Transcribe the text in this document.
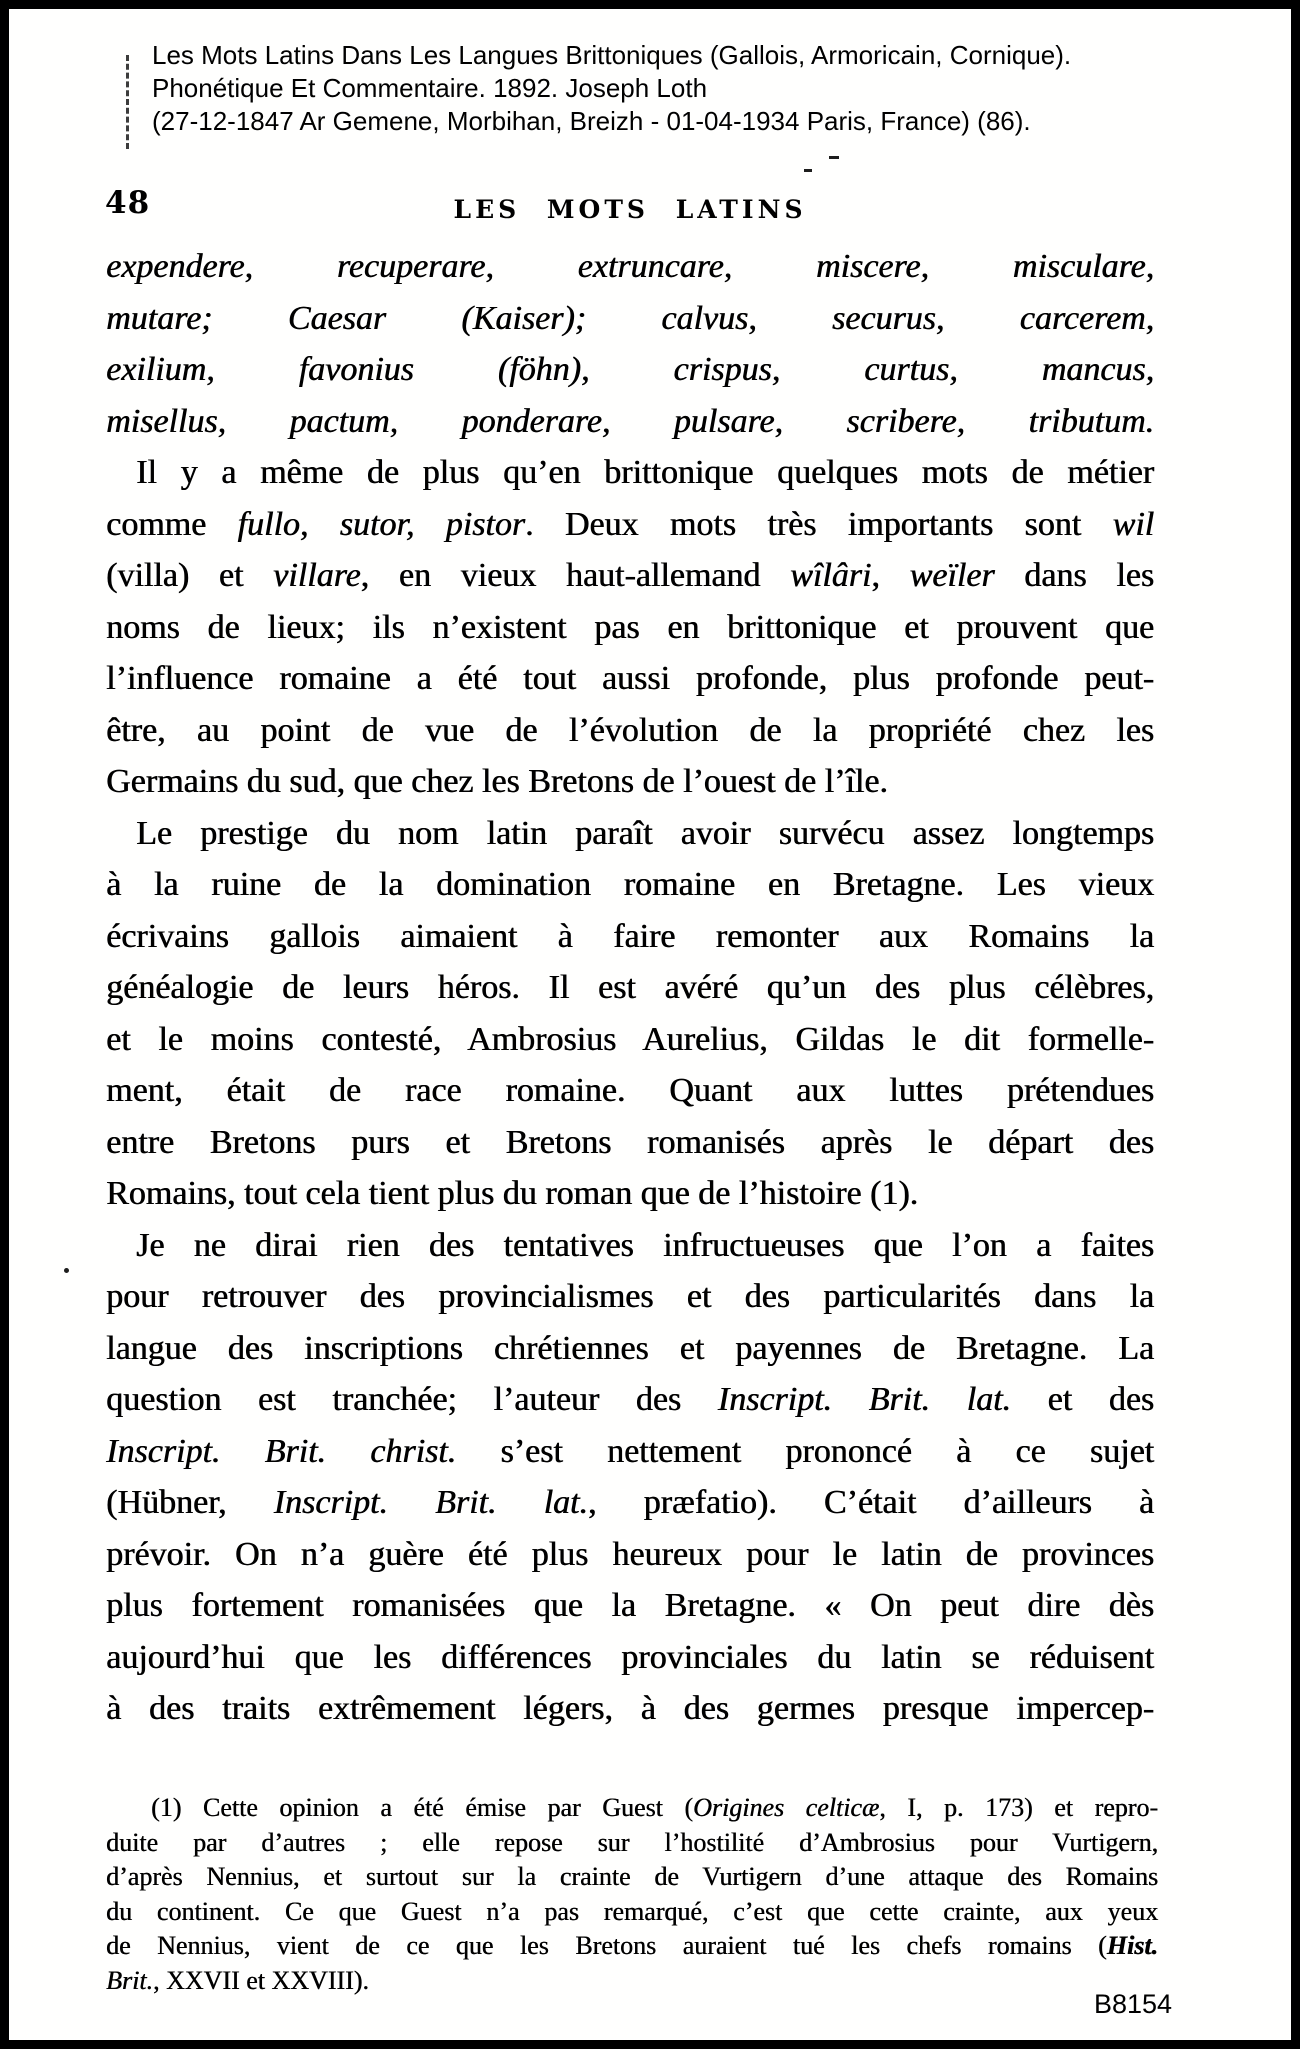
Les Mots Latins Dans Les Langues Brittoniques (Gallois, Armoricain, Cornique).
Phonétique Et Commentaire. 1892. Joseph Loth
(27-12-1847 Ar Gemene, Morbihan, Breizh - 01-04-1934 Paris, France) (86).
48	LES MOTS LATINS
expendere, recuperare, extruncare, miscere, misculare,
mutare; Caesar (Kaiser); calvus, securus, carcerem,
exilium, favonius (föhn), crispus, curtus, mancus,
misellus, pactum, ponderare, pulsare, scribere, tributum.
Il y a même de plus qu’en brittonique quelques mots de métier
comme fullo, sutor, pistor. Deux mots très importants sont wil
(villa) et villare, en vieux haut-allemand wîlâri, weïler dans les
noms de lieux; ils n’existent pas en brittonique et prouvent que
l’influence romaine a été tout aussi profonde, plus profonde peut-
être, au point de vue de l’évolution de la propriété chez les
Germains du sud, que chez les Bretons de l’ouest de l’île.
Le prestige du nom latin paraît avoir survécu assez longtemps
à la ruine de la domination romaine en Bretagne. Les vieux
écrivains gallois aimaient à faire remonter aux Romains la
généalogie de leurs héros. Il est avéré qu’un des plus célèbres,
et le moins contesté, Ambrosius Aurelius, Gildas le dit formelle-
ment, était de race romaine. Quant aux luttes prétendues
entre Bretons purs et Bretons romanisés après le départ des
Romains, tout cela tient plus du roman que de l’histoire (1).
Je ne dirai rien des tentatives infructueuses que l’on a faites
pour retrouver des provincialismes et des particularités dans la
langue des inscriptions chrétiennes et payennes de Bretagne. La
question est tranchée; l’auteur des Inscript. Brit. lat. et des
Inscript. Brit. christ. s’est nettement prononcé à ce sujet
(Hübner, Inscript. Brit. lat., præfatio). C’était d’ailleurs à
prévoir. On n’a guère été plus heureux pour le latin de provinces
plus fortement romanisées que la Bretagne. « On peut dire dès
aujourd’hui que les différences provinciales du latin se réduisent
à des traits extrêmement légers, à des germes presque impercep-
(1) Cette opinion a été émise par Guest (Origines celticæ, I, p. 173) et repro-
duite par d’autres ; elle repose sur l’hostilité d’Ambrosius pour Vurtigern,
d’après Nennius, et surtout sur la crainte de Vurtigern d’une attaque des Romains
du continent. Ce que Guest n’a pas remarqué, c’est que cette crainte, aux yeux
de Nennius, vient de ce que les Bretons auraient tué les chefs romains (Hist.
Brit., XXVII et XXVIII).
B8154
